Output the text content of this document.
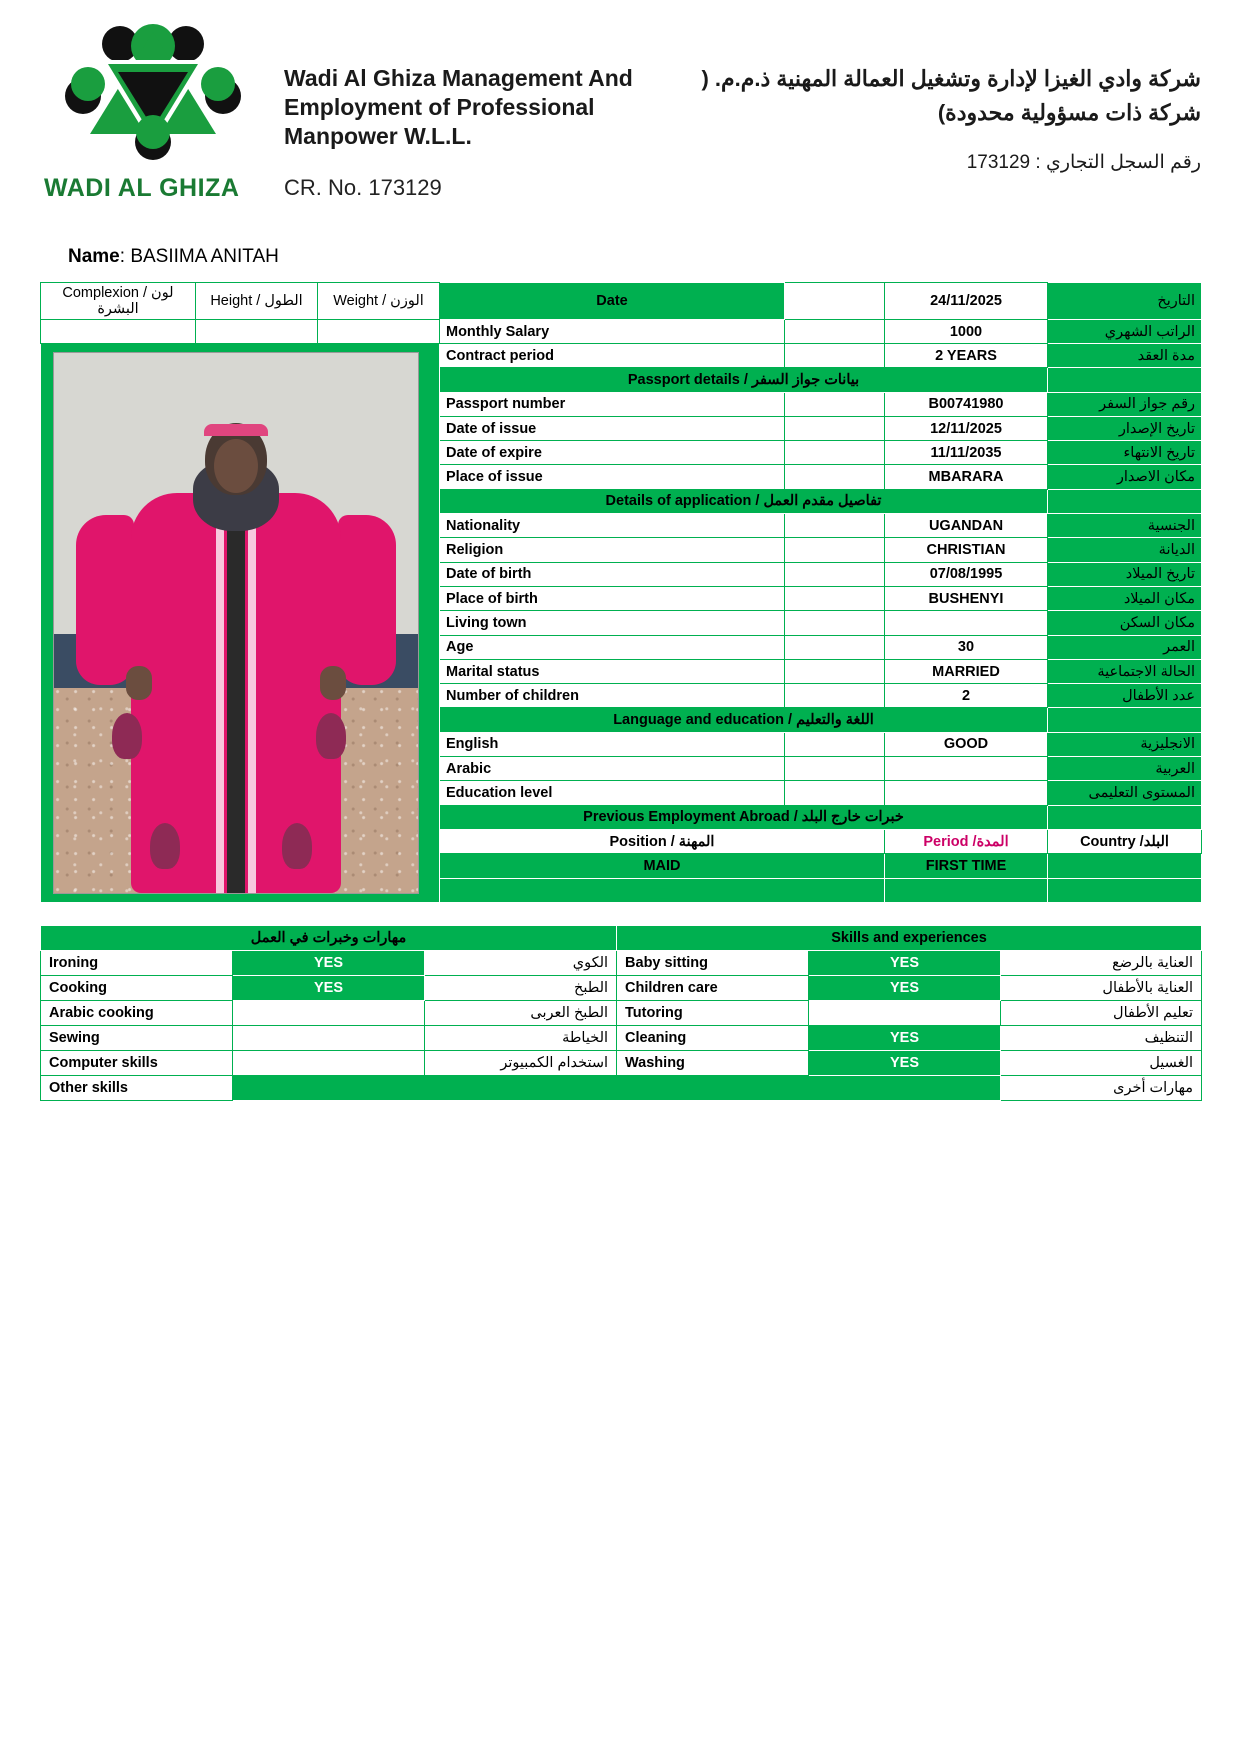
WADI AL GHIZA
Wadi Al Ghiza Management And Employment of Professional Manpower W.L.L.
CR. No. 173129
شركة وادي الغيزا لإدارة وتشغيل العمالة المهنية ذ.م.م. ( شركة ذات مسؤولية محدودة)
رقم السجل التجاري : 173129
Name: BASIIMA ANITAH
Complexion / لون البشرة	Height / الطول	Weight / الوزن	Date		24/11/2025	التاريخ
			Monthly Salary		1000	الراتب الشهري

			Contract period		2 YEARS	مدة العقد
			Passport details / بيانات جواز السفر			
			Passport number		B00741980	رقم جواز السفر
			Date of issue		12/11/2025	تاريخ الإصدار
			Date of expire		11/11/2035	تاريخ الانتهاء
			Place of issue		MBARARA	مكان الاصدار
			Details of application / تفاصيل مقدم العمل			
			Nationality		UGANDAN	الجنسية
			Religion		CHRISTIAN	الديانة
			Date of birth		07/08/1995	تاريخ الميلاد
			Place of birth		BUSHENYI	مكان الميلاد
			Living town			مكان السكن
			Age		30	العمر
			Marital status		MARRIED	الحالة الاجتماعية
			Number of children		2	عدد الأطفال
			Language and education / اللغة والتعليم			
			English		GOOD	الانجليزية
			Arabic			العربية
			Education level			المستوى التعليمى
			Previous Employment Abroad / خبرات خارج البلد			
			Position / المهنة		Period /المدة	Country /البلد
			MAID		FIRST TIME	

مهارات وخبرات في العمل			Skills and experiences		
Ironing	YES	الكوي	Baby sitting	YES	العناية بالرضع
Cooking	YES	الطبخ	Children care	YES	العناية بالأطفال
Arabic cooking		الطبخ العربى	Tutoring		تعليم الأطفال
Sewing		الخياطة	Cleaning	YES	التنظيف
Computer skills		استخدام الكمبيوتر	Washing	YES	الغسيل
Other skills					مهارات أخرى
